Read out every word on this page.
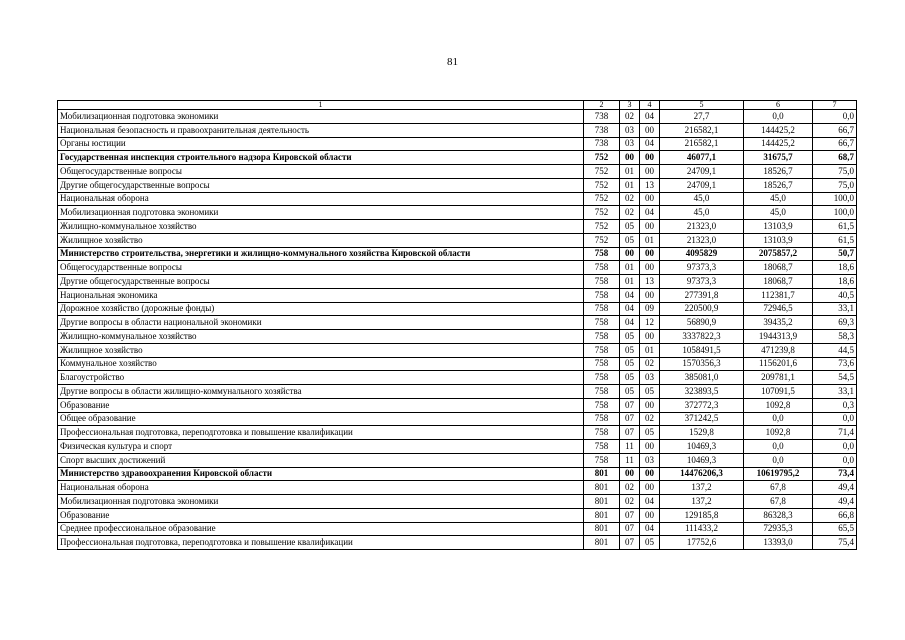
81
1	2	3	4	5	6	7
Мобилизационная подготовка экономики	738	02	04	27,7	0,0	0,0
Национальная безопасность и правоохранительная деятельность	738	03	00	216582,1	144425,2	66,7
Органы юстиции	738	03	04	216582,1	144425,2	66,7
Государственная инспекция строительного надзора Кировской области	752	00	00	46077,1	31675,7	68,7
Общегосударственные вопросы	752	01	00	24709,1	18526,7	75,0
Другие общегосударственные вопросы	752	01	13	24709,1	18526,7	75,0
Национальная оборона	752	02	00	45,0	45,0	100,0
Мобилизационная подготовка экономики	752	02	04	45,0	45,0	100,0
Жилищно-коммунальное хозяйство	752	05	00	21323,0	13103,9	61,5
Жилищное хозяйство	752	05	01	21323,0	13103,9	61,5
Министерство строительства, энергетики и жилищно-коммунального хозяйства Кировской области	758	00	00	4095829	2075857,2	50,7
Общегосударственные вопросы	758	01	00	97373,3	18068,7	18,6
Другие общегосударственные вопросы	758	01	13	97373,3	18068,7	18,6
Национальная экономика	758	04	00	277391,8	112381,7	40,5
Дорожное хозяйство (дорожные фонды)	758	04	09	220500,9	72946,5	33,1
Другие вопросы в области национальной экономики	758	04	12	56890,9	39435,2	69,3
Жилищно-коммунальное хозяйство	758	05	00	3337822,3	1944313,9	58,3
Жилищное хозяйство	758	05	01	1058491,5	471239,8	44,5
Коммунальное хозяйство	758	05	02	1570356,3	1156201,6	73,6
Благоустройство	758	05	03	385081,0	209781,1	54,5
Другие вопросы в области жилищно-коммунального хозяйства	758	05	05	323893,5	107091,5	33,1
Образование	758	07	00	372772,3	1092,8	0,3
Общее образование	758	07	02	371242,5	0,0	0,0
Профессиональная подготовка, переподготовка и повышение квалификации	758	07	05	1529,8	1092,8	71,4
Физическая культура и спорт	758	11	00	10469,3	0,0	0,0
Спорт высших достижений	758	11	03	10469,3	0,0	0,0
Министерство здравоохранения Кировской области	801	00	00	14476206,3	10619795,2	73,4
Национальная оборона	801	02	00	137,2	67,8	49,4
Мобилизационная подготовка экономики	801	02	04	137,2	67,8	49,4
Образование	801	07	00	129185,8	86328,3	66,8
Среднее профессиональное образование	801	07	04	111433,2	72935,3	65,5
Профессиональная подготовка, переподготовка и повышение квалификации	801	07	05	17752,6	13393,0	75,4
